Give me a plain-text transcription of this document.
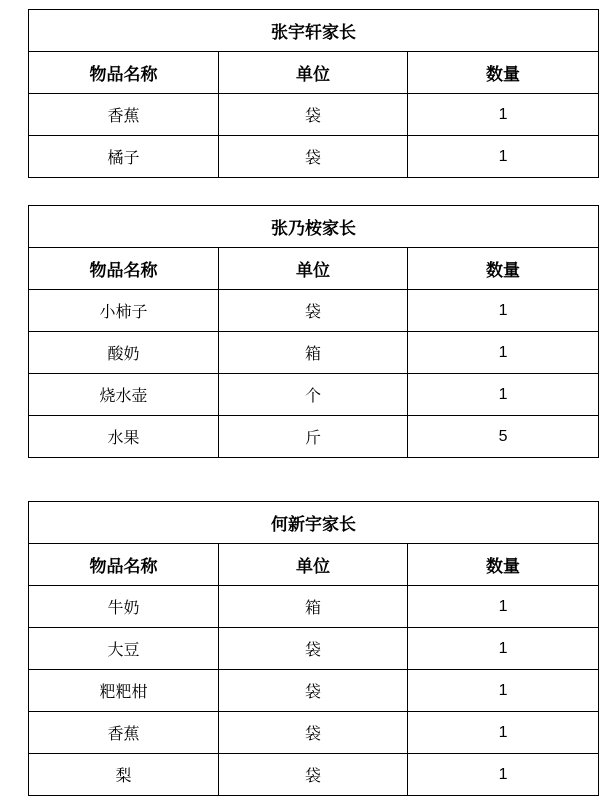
张宇轩家长		
物品名称	单位	数量
香蕉	袋	1
橘子	袋	1
张乃桉家长		
物品名称	单位	数量
小柿子	袋	1
酸奶	箱	1
烧水壶	个	1
水果	斤	5
何新宇家长		
物品名称	单位	数量
牛奶	箱	1
大豆	袋	1
粑粑柑	袋	1
香蕉	袋	1
梨	袋	1
